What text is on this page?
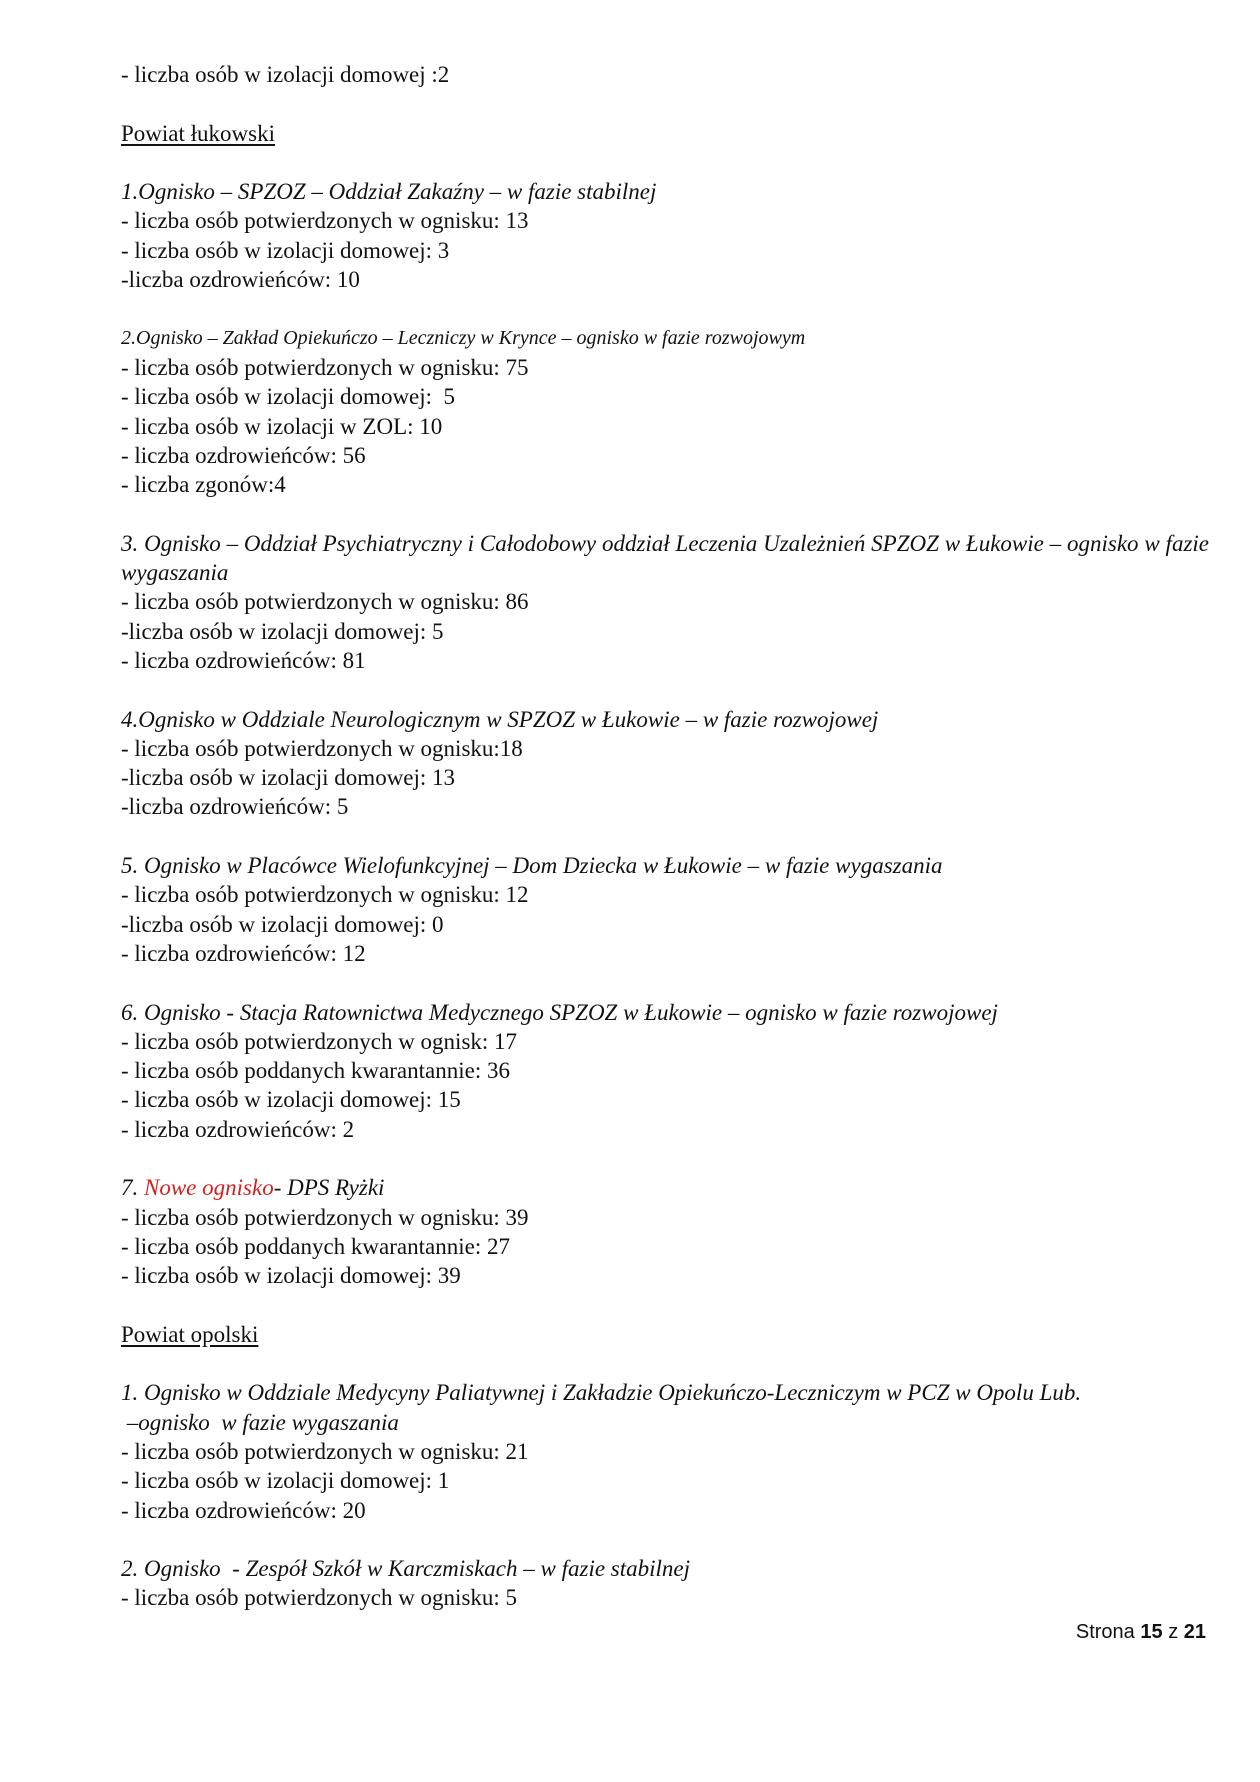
- liczba osób w izolacji domowej :2
Powiat łukowski
1.Ognisko – SPZOZ – Oddział Zakaźny – w fazie stabilnej
- liczba osób potwierdzonych w ognisku: 13
- liczba osób w izolacji domowej: 3
-liczba ozdrowieńców: 10
2.Ognisko – Zakład Opiekuńczo – Leczniczy w Krynce – ognisko w fazie rozwojowym
- liczba osób potwierdzonych w ognisku: 75
- liczba osób w izolacji domowej:  5
- liczba osób w izolacji w ZOL: 10
- liczba ozdrowieńców: 56
- liczba zgonów:4
3. Ognisko – Oddział Psychiatryczny i Całodobowy oddział Leczenia Uzależnień SPZOZ w Łukowie – ognisko w fazie wygaszania
- liczba osób potwierdzonych w ognisku: 86
-liczba osób w izolacji domowej: 5
- liczba ozdrowieńców: 81
4.Ognisko w Oddziale Neurologicznym w SPZOZ w Łukowie – w fazie rozwojowej
- liczba osób potwierdzonych w ognisku:18
-liczba osób w izolacji domowej: 13
-liczba ozdrowieńców: 5
5. Ognisko w Placówce Wielofunkcyjnej – Dom Dziecka w Łukowie – w fazie wygaszania
- liczba osób potwierdzonych w ognisku: 12
-liczba osób w izolacji domowej: 0
- liczba ozdrowieńców: 12
6. Ognisko - Stacja Ratownictwa Medycznego SPZOZ w Łukowie – ognisko w fazie rozwojowej
- liczba osób potwierdzonych w ognisk: 17
- liczba osób poddanych kwarantannie: 36
- liczba osób w izolacji domowej: 15
- liczba ozdrowieńców: 2
7. Nowe ognisko- DPS Ryżki
- liczba osób potwierdzonych w ognisku: 39
- liczba osób poddanych kwarantannie: 27
- liczba osób w izolacji domowej: 39
Powiat opolski
1. Ognisko w Oddziale Medycyny Paliatywnej i Zakładzie Opiekuńczo-Leczniczym w PCZ w Opolu Lub.
–ognisko  w fazie wygaszania
- liczba osób potwierdzonych w ognisku: 21
- liczba osób w izolacji domowej: 1
- liczba ozdrowieńców: 20
2. Ognisko  - Zespół Szkół w Karczmiskach – w fazie stabilnej
- liczba osób potwierdzonych w ognisku: 5
Strona 15 z 21
